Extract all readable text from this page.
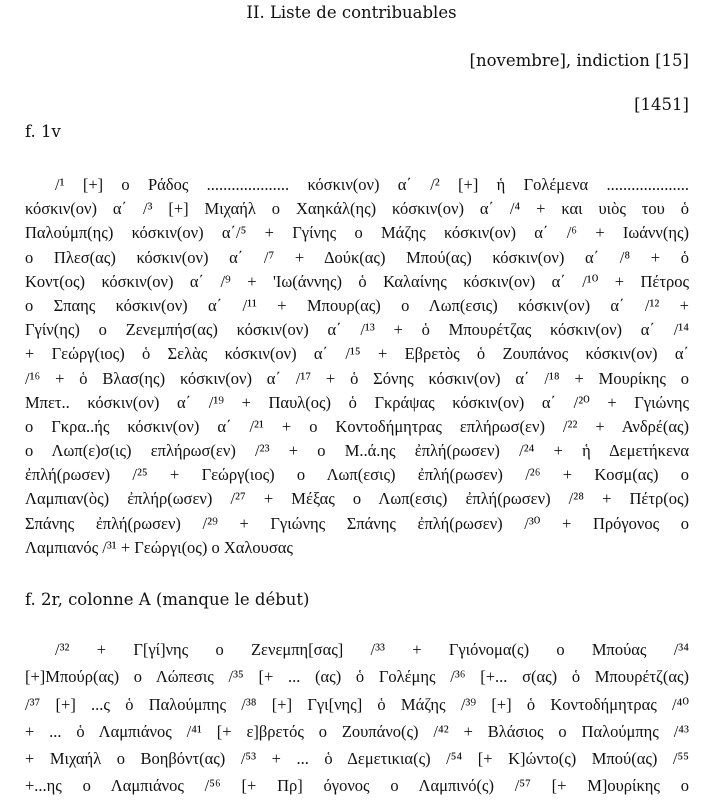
II. Liste de contribuables
[novembre], indiction [15]
[1451]
f. 1v
/¹ [+] ο Ράδος .................... κόσκιν(ον) α΄ /² [+] ἡ Γολέμενα ....................
κόσκιν(ον) α΄ /³ [+] Μιχαήλ ο Χαηκάλ(ης) κόσκιν(ον) α΄ /⁴ + και υιὸς του ὁ
Παλούμπ(ης) κόσκιν(ον) α΄/⁵ + Γγίνης ο Μάζης κόσκιν(ον) α΄ /⁶ + Ιωάνν(ης)
ο Πλεσ(ας) κόσκιν(ον) α΄ /⁷ + Δούκ(ας) Μπού(ας) κόσκιν(ον) α΄ /⁸ + ὁ
Κοντ(ος) κόσκιν(ον) α΄ /⁹ + 'Ιω(άννης) ὁ Καλαίνης κόσκιν(ον) α΄ /¹⁰ + Πέτρος
ο Σπαης κόσκιν(ον) α΄ /¹¹ + Μπουρ(ας) ο Λωπ(εσις) κόσκιν(ον) α΄ /¹² +
Γγίν(ης) ο Ζενεμπήσ(ας) κόσκιν(ον) α΄ /¹³ + ὁ Μπουρέτζας κόσκιν(ον) α΄ /¹⁴
+ Γεώργ(ιος) ὁ Σελὰς κόσκιν(ον) α΄ /¹⁵ + Εβρετὸς ὁ Ζουπάνος κόσκιν(ον) α΄
/¹⁶ + ὁ Βλασ(ης) κόσκιν(ον) α΄ /¹⁷ + ὁ Σόνης κόσκιν(ον) α΄ /¹⁸ + Μουρίκης ο
Μπετ.. κόσκιν(ον) α΄ /¹⁹ + Παυλ(ος) ὁ Γκράψας κόσκιν(ον) α΄ /²⁰ + Γγιώνης
ο Γκρα..ής κόσκιν(ον) α΄ /²¹ + ο Κοντοδήμητρας επλήρωσ(εν) /²² + Ανδρέ(ας)
ο Λωπ(ε)σ(ις) επλήρωσ(εν) /²³ + ο Μ..ά.ης ἐπλή(ρωσεν) /²⁴ + ἡ Δεμετήκενα
ἐπλή(ρωσεν) /²⁵ + Γεώργ(ιος) ο Λωπ(εσις) ἐπλή(ρωσεν) /²⁶ + Κοσμ(ας) ο
Λαμπιαν(ὸς) ἐπλήρ(ωσεν) /²⁷ + Μέξας ο Λωπ(εσις) ἐπλή(ρωσεν) /²⁸ + Πέτρ(ος)
Σπάνης ἐπλή(ρωσεν) /²⁹ + Γγιώνης Σπάνης ἐπλή(ρωσεν) /³⁰ + Πρόγονος ο
Λαμπιανός /³¹ + Γεώργι(ος) ο Χαλουσας
f. 2r, colonne A (manque le début)
/³² + Γ[γί]νης ο Ζενεμπη[σας] /³³ + Γγιόνομα(ς) ο Μπούας /³⁴
[+]Μπούρ(ας) ο Λώπεσις /³⁵ [+ ... (ας) ὁ Γολέμης /³⁶ [+... σ(ας) ὁ Μπουρέτζ(ας)
/³⁷ [+] ...ς ὁ Παλούμπης /³⁸ [+] Γγι[νης] ὁ Μάζης /³⁹ [+] ὁ Κοντοδήμητρας /⁴⁰
+ ... ὁ Λαμπιάνος /⁴¹ [+ ε]βρετός ο Ζουπάνο(ς) /⁴² + Βλάσιος ο Παλούμπης /⁴³
+ Μιχαήλ ο Βοηβόντ(ας) /⁵³ + ... ὁ Δεμετικια(ς) /⁵⁴ [+ Κ]ώντο(ς) Μπού(ας) /⁵⁵
+...ης ο Λαμπιάνος /⁵⁶ [+ Πρ] όγονος ο Λαμπινό(ς) /⁵⁷ [+ Μ]ουρίκης ο
